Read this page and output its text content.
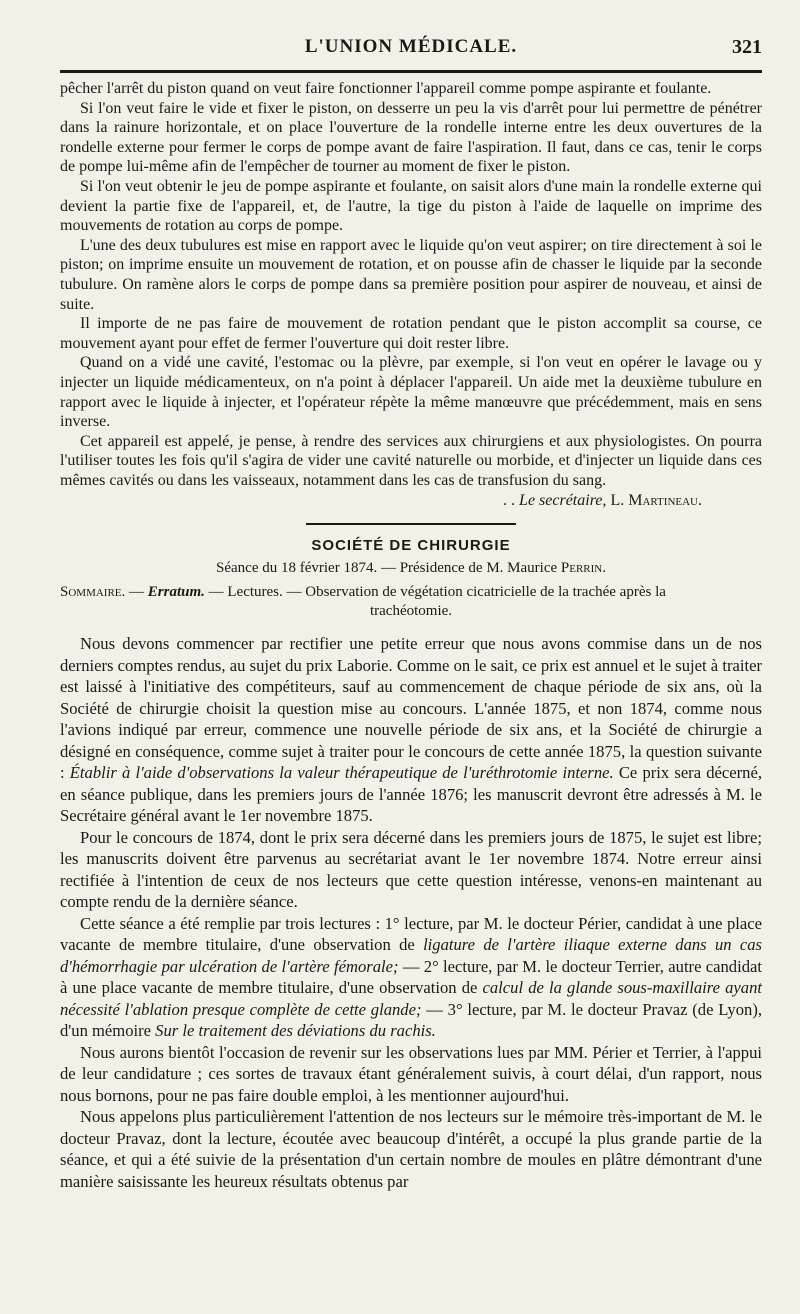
L'UNION MÉDICALE.	321

pêcher l'arrêt du piston quand on veut faire fonctionner l'appareil comme pompe aspirante et foulante.

Si l'on veut faire le vide et fixer le piston, on desserre un peu la vis d'arrêt pour lui permettre de pénétrer dans la rainure horizontale, et on place l'ouverture de la rondelle interne entre les deux ouvertures de la rondelle externe pour fermer le corps de pompe avant de faire l'aspiration. Il faut, dans ce cas, tenir le corps de pompe lui-même afin de l'empêcher de tourner au moment de fixer le piston.

Si l'on veut obtenir le jeu de pompe aspirante et foulante, on saisit alors d'une main la rondelle externe qui devient la partie fixe de l'appareil, et, de l'autre, la tige du piston à l'aide de laquelle on imprime des mouvements de rotation au corps de pompe.

L'une des deux tubulures est mise en rapport avec le liquide qu'on veut aspirer; on tire directement à soi le piston; on imprime ensuite un mouvement de rotation, et on pousse afin de chasser le liquide par la seconde tubulure. On ramène alors le corps de pompe dans sa première position pour aspirer de nouveau, et ainsi de suite.

Il importe de ne pas faire de mouvement de rotation pendant que le piston accomplit sa course, ce mouvement ayant pour effet de fermer l'ouverture qui doit rester libre.

Quand on a vidé une cavité, l'estomac ou la plèvre, par exemple, si l'on veut en opérer le lavage ou y injecter un liquide médicamenteux, on n'a point à déplacer l'appareil. Un aide met la deuxième tubulure en rapport avec le liquide à injecter, et l'opérateur répète la même manœuvre que précédemment, mais en sens inverse.

Cet appareil est appelé, je pense, à rendre des services aux chirurgiens et aux physiologistes. On pourra l'utiliser toutes les fois qu'il s'agira de vider une cavité naturelle ou morbide, et d'injecter un liquide dans ces mêmes cavités ou dans les vaisseaux, notamment dans les cas de transfusion du sang.

. . Le secrétaire, L. Martineau.
SOCIÉTÉ DE CHIRURGIE
Séance du 18 février 1874. — Présidence de M. Maurice Perrin.
Sommaire. — Erratum. — Lectures. — Observation de végétation cicatricielle de la trachée après la
trachéotomie.

Nous devons commencer par rectifier une petite erreur que nous avons commise dans un de nos derniers comptes rendus, au sujet du prix Laborie. Comme on le sait, ce prix est annuel et le sujet à traiter est laissé à l'initiative des compétiteurs, sauf au commencement de chaque période de six ans, où la Société de chirurgie choisit la question mise au concours. L'année 1875, et non 1874, comme nous l'avions indiqué par erreur, commence une nouvelle période de six ans, et la Société de chirurgie a désigné en conséquence, comme sujet à traiter pour le concours de cette année 1875, la question suivante : Établir à l'aide d'observations la valeur thérapeutique de l'uréthrotomie interne. Ce prix sera décerné, en séance publique, dans les premiers jours de l'année 1876; les manuscrit devront être adressés à M. le Secrétaire général avant le 1er novembre 1875.

Pour le concours de 1874, dont le prix sera décerné dans les premiers jours de 1875, le sujet est libre; les manuscrits doivent être parvenus au secrétariat avant le 1er novembre 1874. Notre erreur ainsi rectifiée à l'intention de ceux de nos lecteurs que cette question intéresse, venons-en maintenant au compte rendu de la dernière séance.

Cette séance a été remplie par trois lectures : 1° lecture, par M. le docteur Périer, candidat à une place vacante de membre titulaire, d'une observation de ligature de l'artère iliaque externe dans un cas d'hémorrhagie par ulcération de l'artère fémorale; — 2° lecture, par M. le docteur Terrier, autre candidat à une place vacante de membre titulaire, d'une observation de calcul de la glande sous-maxillaire ayant nécessité l'ablation presque complète de cette glande; — 3° lecture, par M. le docteur Pravaz (de Lyon), d'un mémoire Sur le traitement des déviations du rachis.

Nous aurons bientôt l'occasion de revenir sur les observations lues par MM. Périer et Terrier, à l'appui de leur candidature ; ces sortes de travaux étant généralement suivis, à court délai, d'un rapport, nous nous bornons, pour ne pas faire double emploi, à les mentionner aujourd'hui.

Nous appelons plus particulièrement l'attention de nos lecteurs sur le mémoire très-important de M. le docteur Pravaz, dont la lecture, écoutée avec beaucoup d'intérêt, a occupé la plus grande partie de la séance, et qui a été suivie de la présentation d'un certain nombre de moules en plâtre démontrant d'une manière saisissante les heureux résultats obtenus par
